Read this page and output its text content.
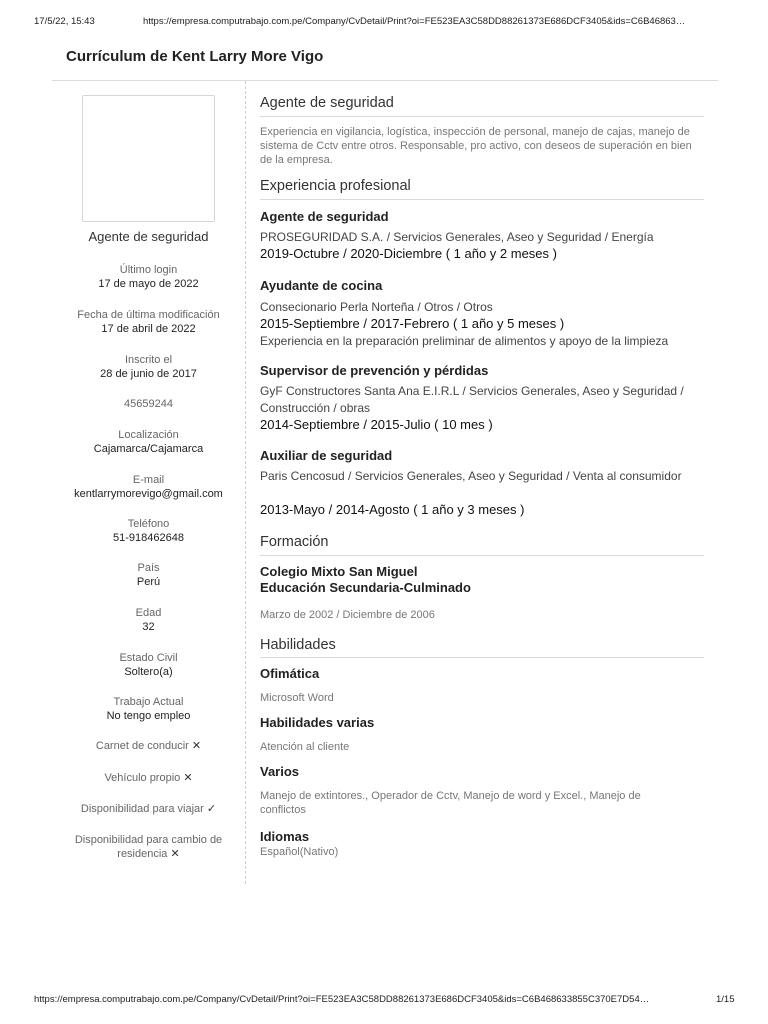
17/5/22, 15:43	https://empresa.computrabajo.com.pe/Company/CvDetail/Print?oi=FE523EA3C58DD88261373E686DCF3405&ids=C6B46863…
Currículum de Kent Larry More Vigo
Agente de seguridad
Último login
17 de mayo de 2022
Fecha de última modificación
17 de abril de 2022
Inscrito el
28 de junio de 2017
45659244
Localización
Cajamarca/Cajamarca
E-mail
kentlarrymorevigo@gmail.com
Teléfono
51-918462648
País
Perú
Edad
32
Estado Civil
Soltero(a)
Trabajo Actual
No tengo empleo
Carnet de conducir ✕
Vehículo propio ✕
Disponibilidad para viajar ✓
Disponibilidad para cambio de
residencia ✕
Agente de seguridad
Experiencia en vigilancia, logística, inspección de personal, manejo de cajas, manejo de sistema de Cctv entre otros. Responsable, pro activo, con deseos de superación en bien de la empresa.
Experiencia profesional
Agente de seguridad
PROSEGURIDAD S.A. / Servicios Generales, Aseo y Seguridad / Energía
2019-Octubre / 2020-Diciembre ( 1 año y 2 meses )
Ayudante de cocina
Consecionario Perla Norteña / Otros / Otros
2015-Septiembre / 2017-Febrero ( 1 año y 5 meses )
Experiencia en la preparación preliminar de alimentos y apoyo de la limpieza
Supervisor de prevención y pérdidas
GyF Constructores Santa Ana E.I.R.L / Servicios Generales, Aseo y Seguridad / Construcción / obras
2014-Septiembre / 2015-Julio ( 10 mes )
Auxiliar de seguridad
Paris Cencosud / Servicios Generales, Aseo y Seguridad / Venta al consumidor
2013-Mayo / 2014-Agosto ( 1 año y 3 meses )
Formación
Colegio Mixto San Miguel
Educación Secundaria-Culminado
Marzo de 2002 / Diciembre de 2006
Habilidades
Ofimática
Microsoft Word
Habilidades varias
Atención al cliente
Varios
Manejo de extintores., Operador de Cctv, Manejo de word y Excel., Manejo de conflictos
Idiomas
Español(Nativo)
https://empresa.computrabajo.com.pe/Company/CvDetail/Print?oi=FE523EA3C58DD88261373E686DCF3405&ids=C6B468633855C370E7D54…	1/15
